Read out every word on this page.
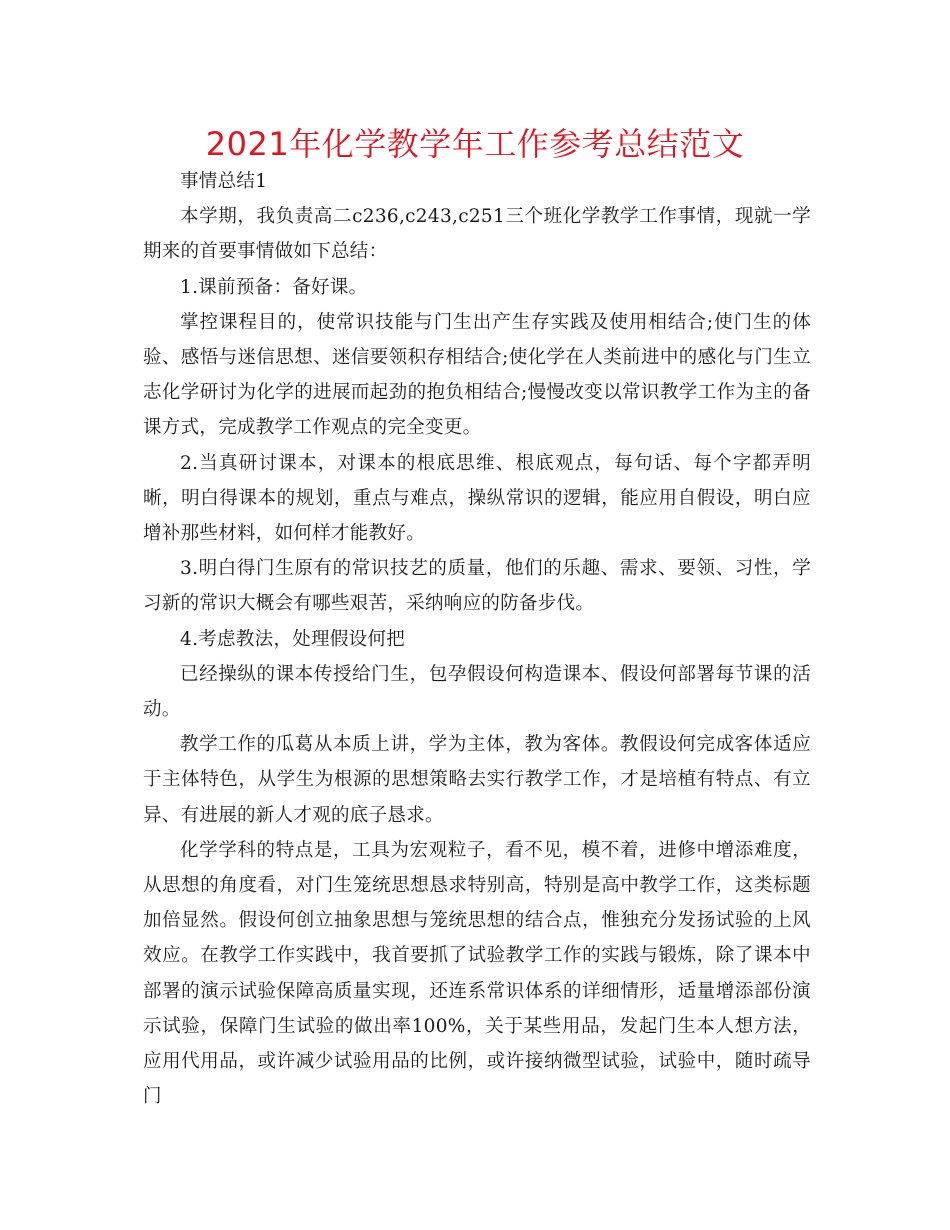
2021年化学教学年工作参考总结范文

事情总结1

本学期，我负责高二c236,c243,c251三个班化学教学工作事情，现就一学期来的首要事情做如下总结：

1.课前预备：备好课。

掌控课程目的，使常识技能与门生出产生存实践及使用相结合;使门生的体验、感悟与迷信思想、迷信要领积存相结合;使化学在人类前进中的感化与门生立志化学研讨为化学的进展而起劲的抱负相结合;慢慢改变以常识教学工作为主的备课方式，完成教学工作观点的完全变更。

2.当真研讨课本，对课本的根底思维、根底观点，每句话、每个字都弄明晰，明白得课本的规划，重点与难点，操纵常识的逻辑，能应用自假设，明白应增补那些材料，如何样才能教好。

3.明白得门生原有的常识技艺的质量，他们的乐趣、需求、要领、习性，学习新的常识大概会有哪些艰苦，采纳响应的防备步伐。

4.考虑教法，处理假设何把

已经操纵的课本传授给门生，包孕假设何构造课本、假设何部署每节课的活动。

教学工作的瓜葛从本质上讲，学为主体，教为客体。教假设何完成客体适应于主体特色，从学生为根源的思想策略去实行教学工作，才是培植有特点、有立异、有进展的新人才观的底子恳求。

化学学科的特点是，工具为宏观粒子，看不见，模不着，进修中增添难度，从思想的角度看，对门生笼统思想恳求特别高，特别是高中教学工作，这类标题加倍显然。假设何创立抽象思想与笼统思想的结合点，惟独充分发扬试验的上风效应。在教学工作实践中，我首要抓了试验教学工作的实践与锻炼，除了课本中部署的演示试验保障高质量实现，还连系常识体系的详细情形，适量增添部份演示试验，保障门生试验的做出率100%，关于某些用品，发起门生本人想方法，应用代用品，或许减少试验用品的比例，或许接纳微型试验，试验中，随时疏导门
